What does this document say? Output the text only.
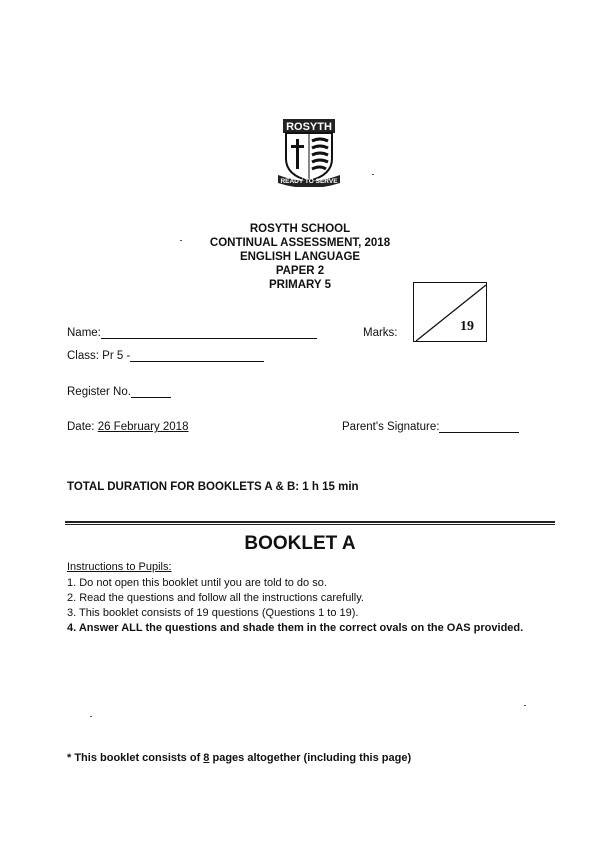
ROSYTH
READY TO SERVE
ROSYTH SCHOOL
CONTINUAL ASSESSMENT, 2018
ENGLISH LANGUAGE
PAPER 2
PRIMARY 5
19
Name:	Marks:
Class: Pr 5 -
Register No.
Date: 26 February 2018	Parent's Signature:
TOTAL DURATION FOR BOOKLETS A & B: 1 h 15 min
BOOKLET A
Instructions to Pupils:
1. Do not open this booklet until you are told to do so.
2. Read the questions and follow all the instructions carefully.
3. This booklet consists of 19 questions (Questions 1 to 19).
4. Answer ALL the questions and shade them in the correct ovals on the OAS provided.
* This booklet consists of 8 pages altogether (including this page)
